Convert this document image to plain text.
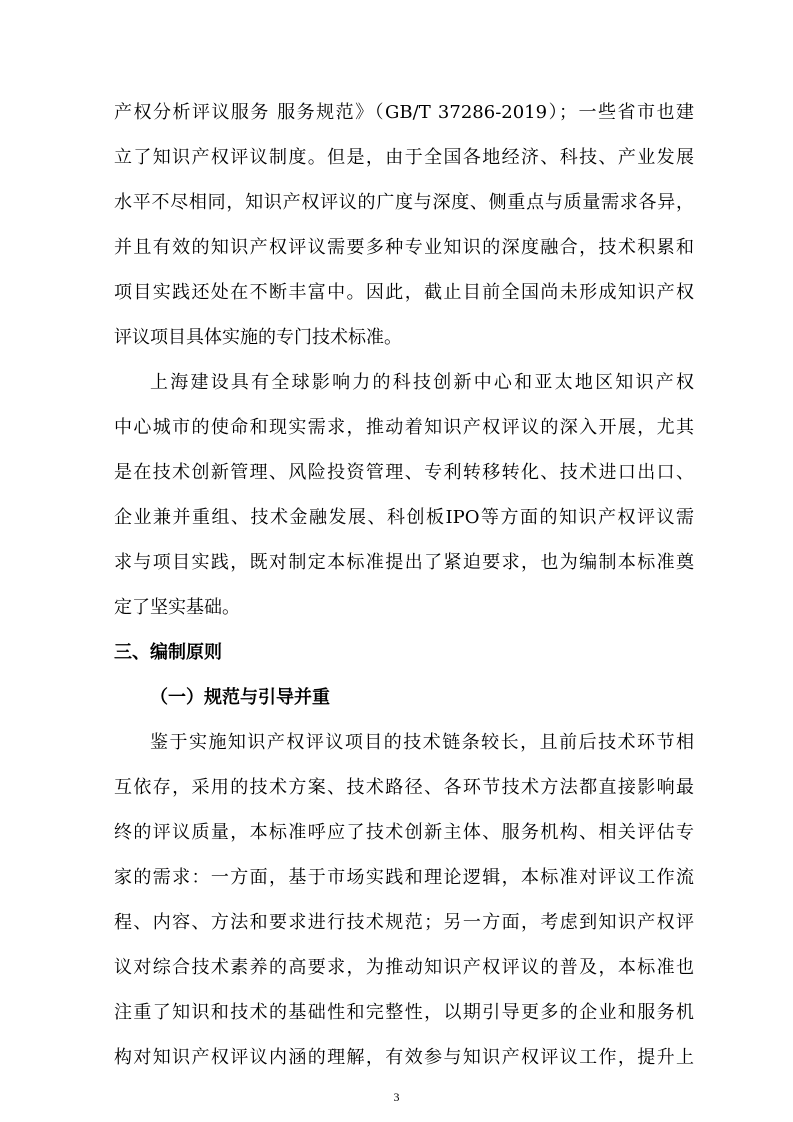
产权分析评议服务 服务规范》（GB/T 37286-2019）；一些省市也建
立了知识产权评议制度。但是，由于全国各地经济、科技、产业发展
水平不尽相同，知识产权评议的广度与深度、侧重点与质量需求各异，
并且有效的知识产权评议需要多种专业知识的深度融合，技术积累和
项目实践还处在不断丰富中。因此，截止目前全国尚未形成知识产权
评议项目具体实施的专门技术标准。
上海建设具有全球影响力的科技创新中心和亚太地区知识产权
中心城市的使命和现实需求，推动着知识产权评议的深入开展，尤其
是在技术创新管理、风险投资管理、专利转移转化、技术进口出口、
企业兼并重组、技术金融发展、科创板IPO等方面的知识产权评议需
求与项目实践，既对制定本标准提出了紧迫要求，也为编制本标准奠
定了坚实基础。
三、编制原则
（一）规范与引导并重
鉴于实施知识产权评议项目的技术链条较长，且前后技术环节相
互依存，采用的技术方案、技术路径、各环节技术方法都直接影响最
终的评议质量，本标准呼应了技术创新主体、服务机构、相关评估专
家的需求：一方面，基于市场实践和理论逻辑，本标准对评议工作流
程、内容、方法和要求进行技术规范；另一方面，考虑到知识产权评
议对综合技术素养的高要求，为推动知识产权评议的普及，本标准也
注重了知识和技术的基础性和完整性，以期引导更多的企业和服务机
构对知识产权评议内涵的理解，有效参与知识产权评议工作，提升上
3
